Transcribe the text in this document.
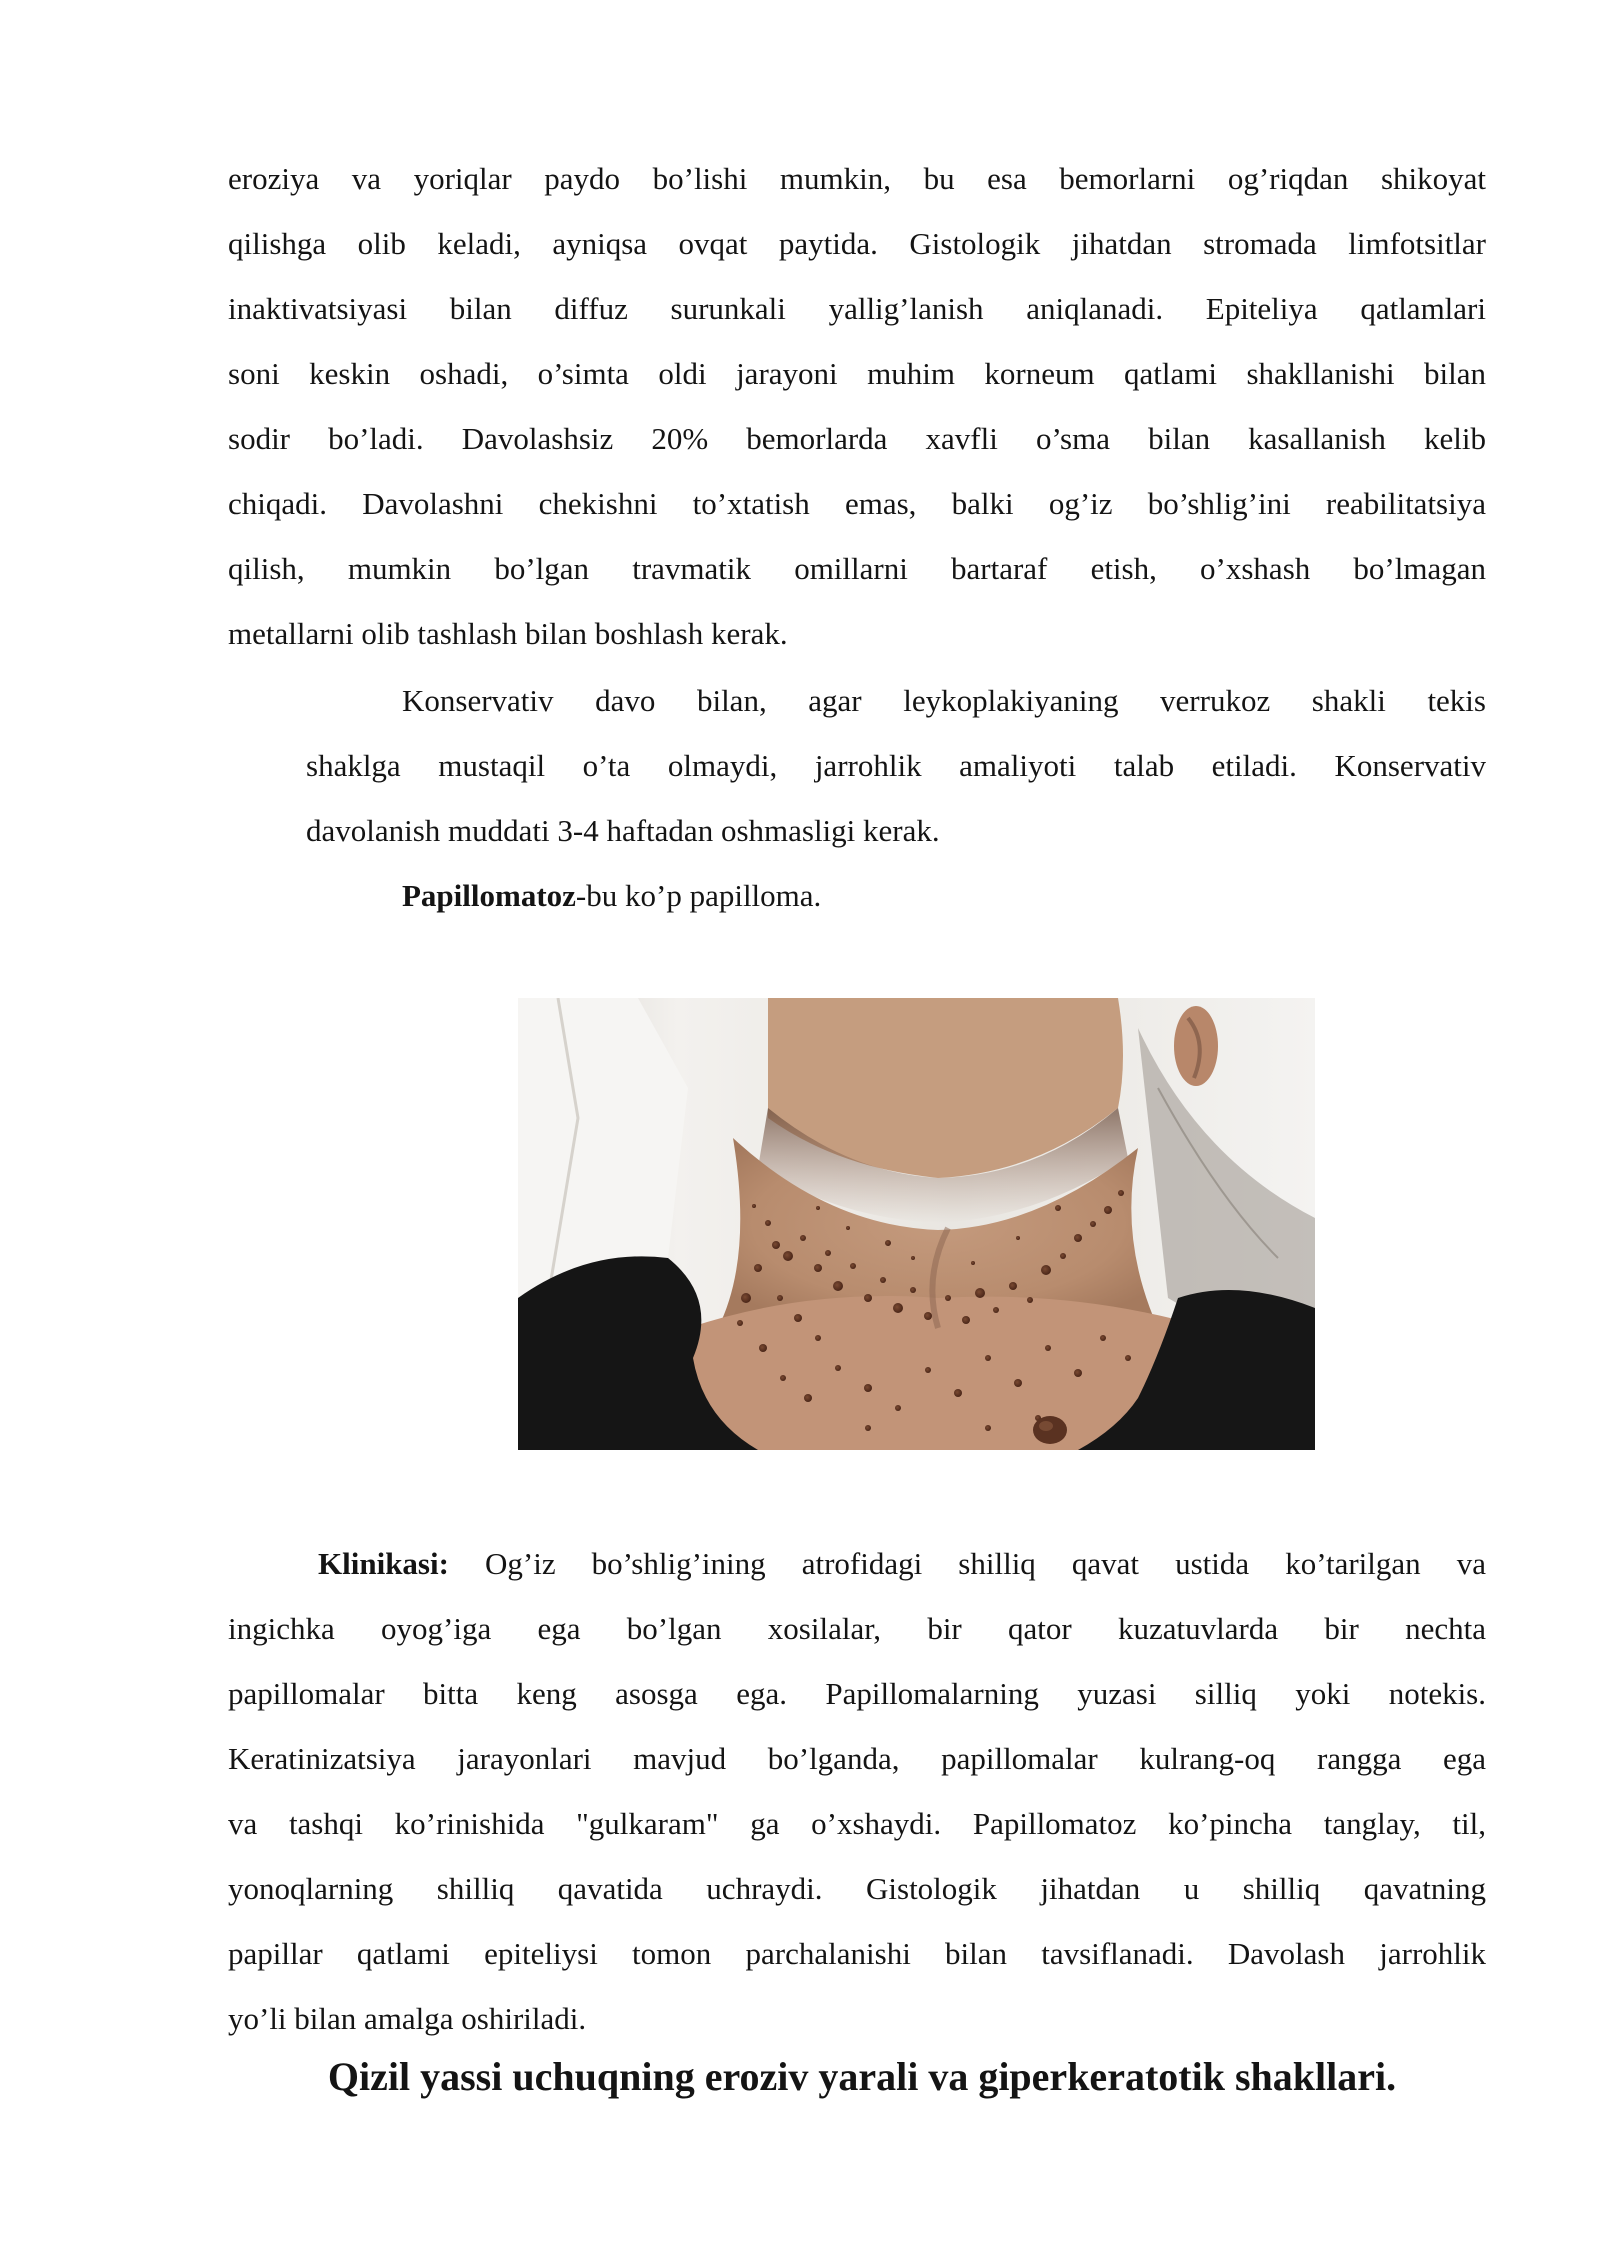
eroziya va yoriqlar paydo bo’lishi mumkin, bu esa bemorlarni og’riqdan shikoyat
qilishga olib keladi, ayniqsa ovqat paytida. Gistologik jihatdan stromada limfotsitlar
inaktivatsiyasi bilan diffuz surunkali yallig’lanish aniqlanadi. Epiteliya qatlamlari
soni keskin oshadi, o’simta oldi jarayoni muhim korneum qatlami shakllanishi bilan
sodir bo’ladi. Davolashsiz 20% bemorlarda xavfli o’sma bilan kasallanish kelib
chiqadi. Davolashni chekishni to’xtatish emas, balki og’iz bo’shlig’ini reabilitatsiya
qilish, mumkin bo’lgan travmatik omillarni bartaraf etish, o’xshash bo’lmagan
metallarni olib tashlash bilan boshlash kerak.
Konservativ davo bilan, agar leykoplakiyaning verrukoz shakli tekis
shaklga mustaqil o’ta olmaydi, jarrohlik amaliyoti talab etiladi. Konservativ
davolanish muddati 3-4 haftadan oshmasligi kerak.
Papillomatoz-bu ko’p papilloma.
Klinikasi: Og’iz bo’shlig’ining atrofidagi shilliq qavat ustida ko’tarilgan va
ingichka oyog’iga ega bo’lgan xosilalar, bir qator kuzatuvlarda bir nechta
papillomalar bitta keng asosga ega. Papillomalarning yuzasi silliq yoki notekis.
Keratinizatsiya jarayonlari mavjud bo’lganda, papillomalar kulrang-oq rangga ega
va tashqi ko’rinishida "gulkaram" ga o’xshaydi. Papillomatoz ko’pincha tanglay, til,
yonoqlarning shilliq qavatida uchraydi. Gistologik jihatdan u shilliq qavatning
papillar qatlami epiteliysi tomon parchalanishi bilan tavsiflanadi. Davolash jarrohlik
yo’li bilan amalga oshiriladi.
Qizil yassi uchuqning eroziv yarali va giperkeratotik shakllari.
